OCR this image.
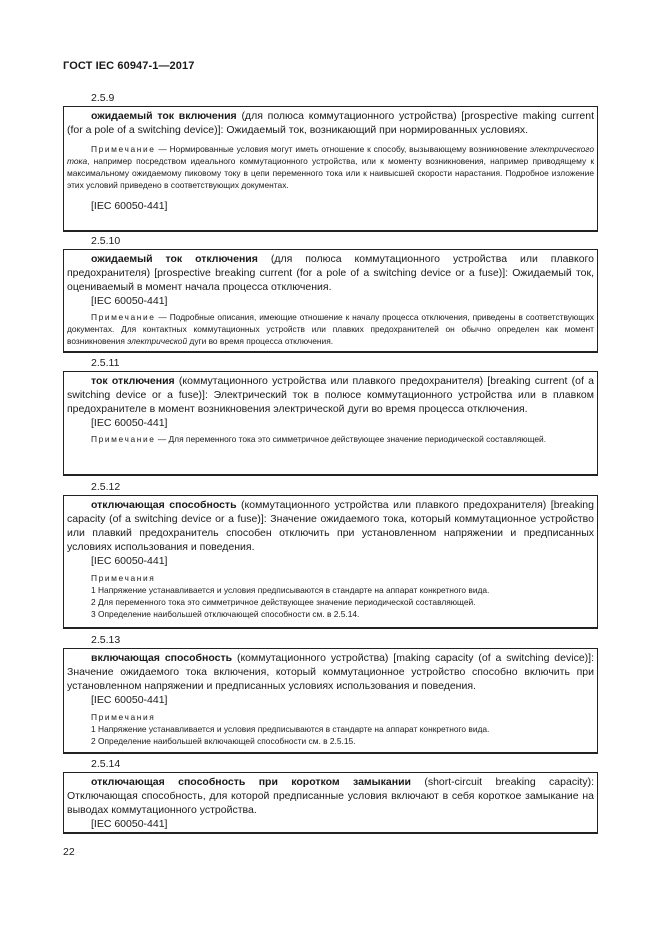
ГОСТ IEC 60947-1—2017
2.5.9

ожидаемый ток включения (для полюса коммутационного устройства) [prospective making current (for a pole of a switching device)]: Ожидаемый ток, возникающий при нормированных условиях.

Примечание — Нормированные условия могут иметь отношение к способу, вызывающему возникновение электрического тока, например посредством идеального коммутационного устройства, или к моменту возникновения, например приводящему к максимальному ожидаемому пиковому току в цепи переменного тока или к наивысшей скорости нарастания. Подробное изложение этих условий приведено в соответствующих документах.

[IEC 60050-441]

2.5.10

ожидаемый ток отключения (для полюса коммутационного устройства или плавкого предохранителя) [prospective breaking current (for a pole of a switching device or a fuse)]: Ожидаемый ток, оцениваемый в момент начала процесса отключения.

[IEC 60050-441]

Примечание — Подробные описания, имеющие отношение к началу процесса отключения, приведены в соответствующих документах. Для контактных коммутационных устройств или плавких предохранителей он обычно определен как момент возникновения электрической дуги во время процесса отключения.

2.5.11

ток отключения (коммутационного устройства или плавкого предохранителя) [breaking current (of a switching device or a fuse)]: Электрический ток в полюсе коммутационного устройства или в плавком предохранителе в момент возникновения электрической дуги во время процесса отключения.

[IEC 60050-441]

Примечание — Для переменного тока это симметричное действующее значение периодической составляющей.

2.5.12

отключающая способность (коммутационного устройства или плавкого предохранителя) [breaking capacity (of a switching device or a fuse)]: Значение ожидаемого тока, который коммутационное устройство или плавкий предохранитель способен отключить при установленном напряжении и предписанных условиях использования и поведения.

[IEC 60050-441]

Примечания

1 Напряжение устанавливается и условия предписываются в стандарте на аппарат конкретного вида.

2 Для переменного тока это симметричное действующее значение периодической составляющей.

3 Определение наибольшей отключающей способности см. в 2.5.14.

2.5.13

включающая способность (коммутационного устройства) [making capacity (of a switching device)]: Значение ожидаемого тока включения, который коммутационное устройство способно включить при установленном напряжении и предписанных условиях использования и поведения.

[IEC 60050-441]

Примечания

1 Напряжение устанавливается и условия предписываются в стандарте на аппарат конкретного вида.

2 Определение наибольшей включающей способности см. в 2.5.15.

2.5.14

отключающая способность при коротком замыкании (short-circuit breaking capacity): Отключающая способность, для которой предписанные условия включают в себя короткое замыкание на выводах коммутационного устройства.

[IEC 60050-441]

22
